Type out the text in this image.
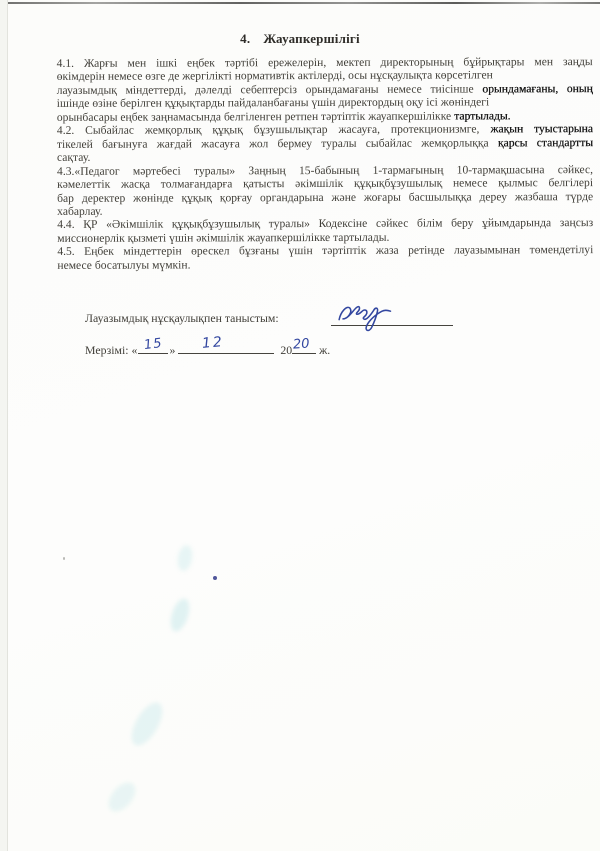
4. Жауапкершілігі
4.1. Жарғы мен ішкі еңбек тәртібі ережелерін, мектеп директорының бұйрықтары мен заңды
өкімдерін немесе өзге де жергілікті нормативтік актілерді, осы нұсқаулықта көрсетілген
лауазымдық міндеттерді, дәлелді себептерсіз орындамағаны немесе тиісінше орындамағаны, оның
ішінде өзіне берілген құқықтарды пайдаланбағаны үшін директордың оқу ісі жөніндегі
орынбасары еңбек заңнамасында белгіленген ретпен тәртіптік жауапкершілікке тартылады.
4.2. Сыбайлас жемқорлық құқық бұзушылықтар жасауға, протекционизмге, жақын туыстарына
тікелей бағынуға жағдай жасауға жол бермеу туралы сыбайлас жемқорлыққа қарсы стандартты
сақтау.
4.3.«Педагог мәртебесі туралы» Заңның 15-бабының 1-тармағының 10-тармақшасына сәйкес,
кәмелеттік жасқа толмағандарға қатысты әкімшілік құқықбұзушылық немесе қылмыс белгілері
бар деректер жөнінде құқық қорғау органдарына және жоғары басшылыққа дереу жазбаша түрде
хабарлау.
4.4. ҚР «Әкімшілік құқықбұзушылық туралы» Кодексіне сәйкес білім беру ұйымдарында заңсыз
миссионерлік қызметі үшін әкімшілік жауапкершілікке тартылады.
4.5. Еңбек міндеттерін өрескел бұзғаны үшін тәртіптік жаза ретінде лауазымынан төмендетілуі
немесе босатылуы мүмкін.
Лауазымдық нұсқаулықпен таныстым:
Мерзімі: « 15 » 12	20 20 ж.
